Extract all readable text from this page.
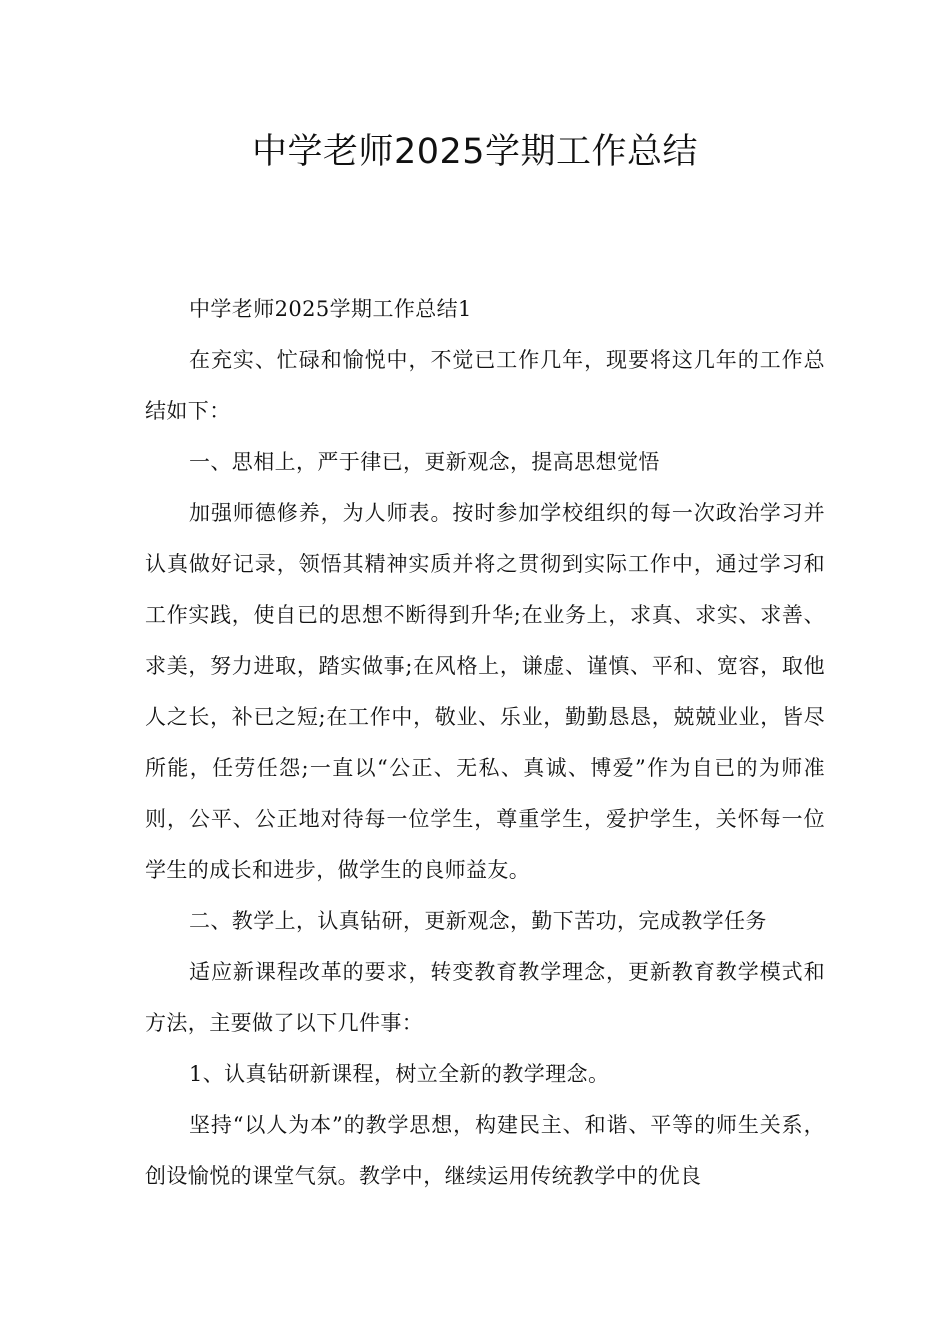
中学老师2025学期工作总结

中学老师2025学期工作总结1

在充实、忙碌和愉悦中，不觉已工作几年，现要将这几年的工作总结如下：

一、思相上，严于律已，更新观念，提高思想觉悟

加强师德修养，为人师表。按时参加学校组织的每一次政治学习并认真做好记录，领悟其精神实质并将之贯彻到实际工作中，通过学习和工作实践，使自已的思想不断得到升华;在业务上，求真、求实、求善、求美，努力进取，踏实做事;在风格上，谦虚、谨慎、平和、宽容，取他人之长，补已之短;在工作中，敬业、乐业，勤勤恳恳，兢兢业业，皆尽所能，任劳任怨;一直以“公正、无私、真诚、博爱”作为自已的为师准则，公平、公正地对待每一位学生，尊重学生，爱护学生，关怀每一位学生的成长和进步，做学生的良师益友。

二、教学上，认真钻研，更新观念，勤下苦功，完成教学任务

适应新课程改革的要求，转变教育教学理念，更新教育教学模式和方法，主要做了以下几件事：

1、认真钻研新课程，树立全新的教学理念。

坚持“以人为本”的教学思想，构建民主、和谐、平等的师生关系，创设愉悦的课堂气氛。教学中，继续运用传统教学中的优良
